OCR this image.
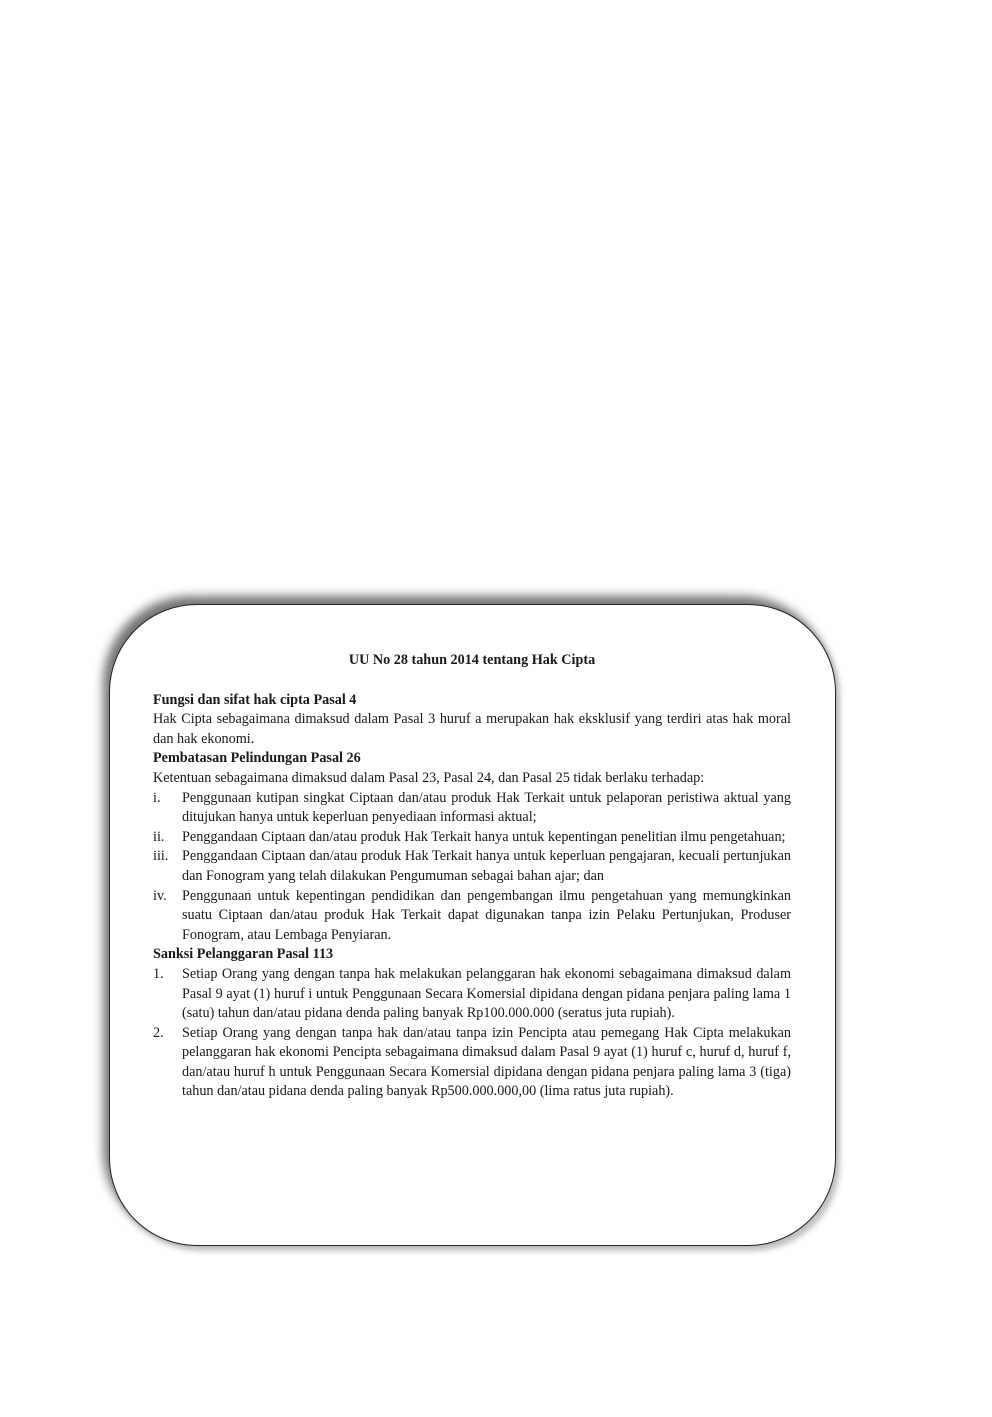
UU No 28 tahun 2014 tentang Hak Cipta

Fungsi dan sifat hak cipta Pasal 4

Hak Cipta sebagaimana dimaksud dalam Pasal 3 huruf a merupakan hak eksklusif yang terdiri atas hak moral dan hak ekonomi.

Pembatasan Pelindungan Pasal 26

Ketentuan sebagaimana dimaksud dalam Pasal 23, Pasal 24, dan Pasal 25 tidak berlaku terhadap:

i. Penggunaan kutipan singkat Ciptaan dan/atau produk Hak Terkait untuk pelaporan peristiwa aktual yang ditujukan hanya untuk keperluan penyediaan informasi aktual;
ii. Penggandaan Ciptaan dan/atau produk Hak Terkait hanya untuk kepentingan penelitian ilmu pengetahuan;
iii. Penggandaan Ciptaan dan/atau produk Hak Terkait hanya untuk keperluan pengajaran, kecuali pertunjukan dan Fonogram yang telah dilakukan Pengumuman sebagai bahan ajar; dan
iv. Penggunaan untuk kepentingan pendidikan dan pengembangan ilmu pengetahuan yang memungkinkan suatu Ciptaan dan/atau produk Hak Terkait dapat digunakan tanpa izin Pelaku Pertunjukan, Produser Fonogram, atau Lembaga Penyiaran.

Sanksi Pelanggaran Pasal 113

1. Setiap Orang yang dengan tanpa hak melakukan pelanggaran hak ekonomi sebagaimana dimaksud dalam Pasal 9 ayat (1) huruf i untuk Penggunaan Secara Komersial dipidana dengan pidana penjara paling lama 1 (satu) tahun dan/atau pidana denda paling banyak Rp100.000.000 (seratus juta rupiah).
2. Setiap Orang yang dengan tanpa hak dan/atau tanpa izin Pencipta atau pemegang Hak Cipta melakukan pelanggaran hak ekonomi Pencipta sebagaimana dimaksud dalam Pasal 9 ayat (1) huruf c, huruf d, huruf f, dan/atau huruf h untuk Penggunaan Secara Komersial dipidana dengan pidana penjara paling lama 3 (tiga) tahun dan/atau pidana denda paling banyak Rp500.000.000,00 (lima ratus juta rupiah).
